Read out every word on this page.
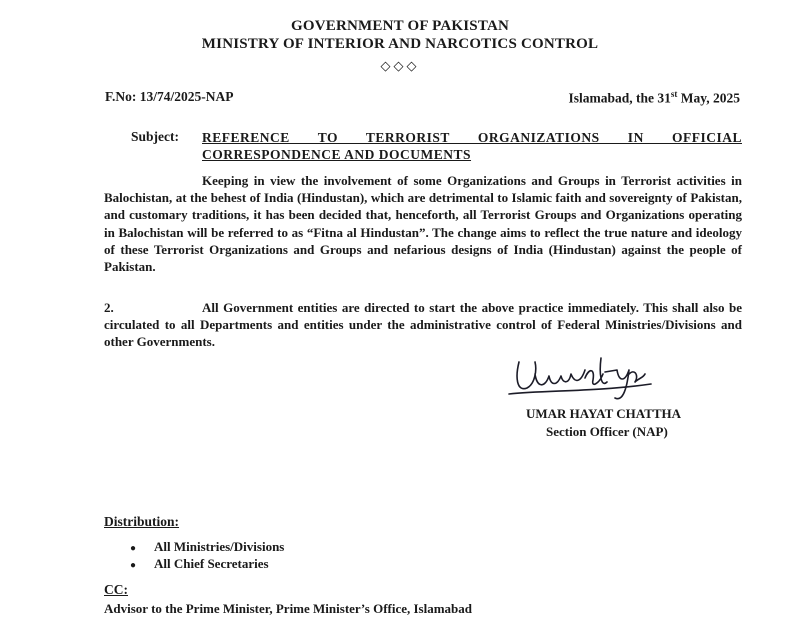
GOVERNMENT OF PAKISTAN
MINISTRY OF INTERIOR AND NARCOTICS CONTROL
◇◇◇
F.No: 13/74/2025-NAP	Islamabad, the 31st May, 2025
Subject: REFERENCE TO TERRORIST ORGANIZATIONS IN OFFICIAL
CORRESPONDENCE AND DOCUMENTS
Keeping in view the involvement of some Organizations and Groups in Terrorist activities in Balochistan, at the behest of India (Hindustan), which are detrimental to Islamic faith and sovereignty of Pakistan, and customary traditions, it has been decided that, henceforth, all Terrorist Groups and Organizations operating in Balochistan will be referred to as “Fitna al Hindustan”. The change aims to reflect the true nature and ideology of these Terrorist Organizations and Groups and nefarious designs of India (Hindustan) against the people of Pakistan.
2.	All Government entities are directed to start the above practice immediately. This shall also be circulated to all Departments and entities under the administrative control of Federal Ministries/Divisions and other Governments.
UMAR HAYAT CHATTHA
Section Officer (NAP)
Distribution:
● All Ministries/Divisions
● All Chief Secretaries
CC:
Advisor to the Prime Minister, Prime Minister’s Office, Islamabad
